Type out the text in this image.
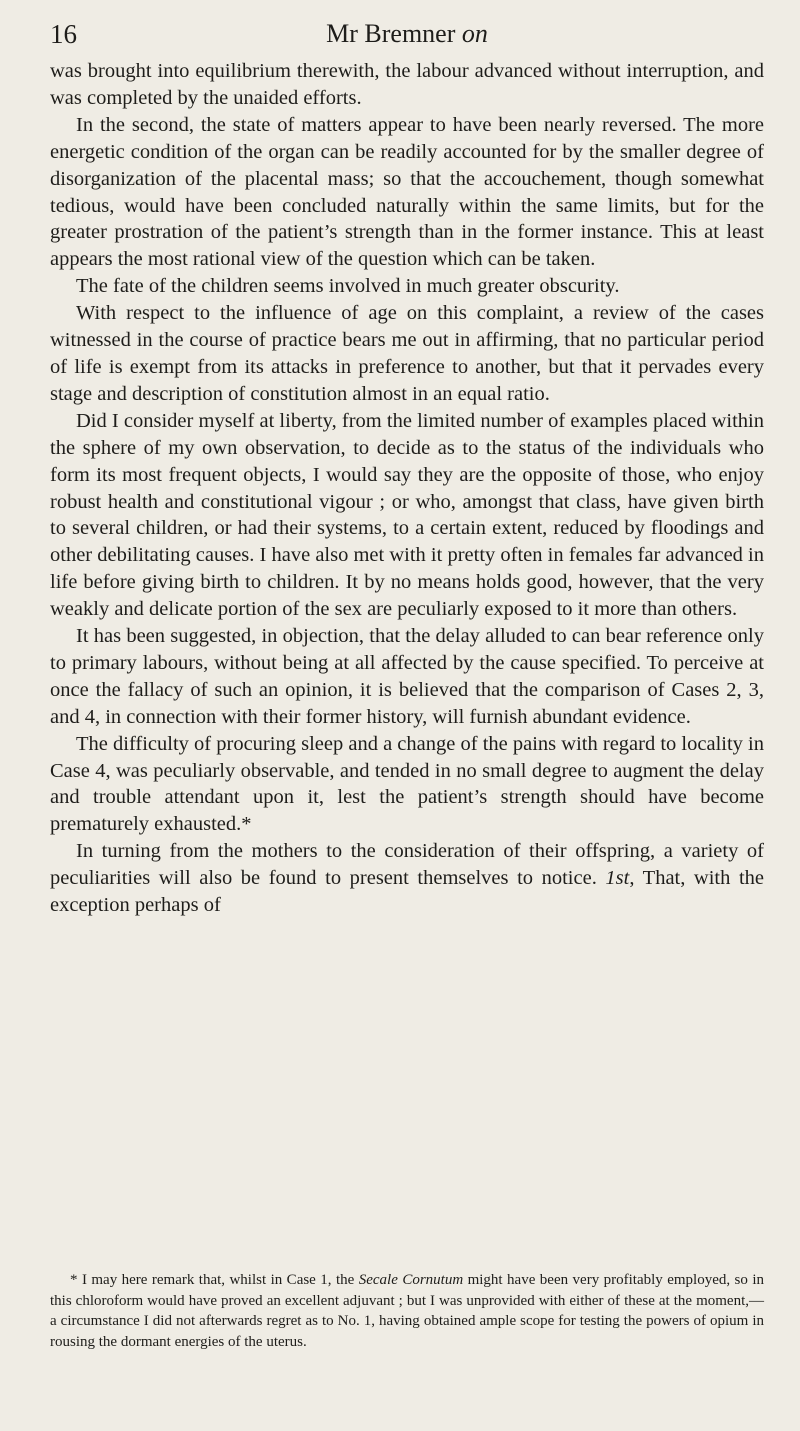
16	Mr Bremner on

was brought into equilibrium therewith, the labour advanced without interruption, and was completed by the unaided efforts.

In the second, the state of matters appear to have been nearly reversed. The more energetic condition of the organ can be readily accounted for by the smaller degree of disorganization of the placental mass; so that the accouchement, though somewhat tedious, would have been concluded naturally within the same limits, but for the greater prostration of the patient’s strength than in the former instance. This at least appears the most rational view of the question which can be taken.

The fate of the children seems involved in much greater obscurity.

With respect to the influence of age on this complaint, a review of the cases witnessed in the course of practice bears me out in affirming, that no particular period of life is exempt from its attacks in preference to another, but that it pervades every stage and description of constitution almost in an equal ratio.

Did I consider myself at liberty, from the limited number of examples placed within the sphere of my own observation, to decide as to the status of the individuals who form its most frequent objects, I would say they are the opposite of those, who enjoy robust health and constitutional vigour ; or who, amongst that class, have given birth to several children, or had their systems, to a certain extent, reduced by floodings and other debilitating causes. I have also met with it pretty often in females far advanced in life before giving birth to children. It by no means holds good, however, that the very weakly and delicate portion of the sex are peculiarly exposed to it more than others.

It has been suggested, in objection, that the delay alluded to can bear reference only to primary labours, without being at all affected by the cause specified. To perceive at once the fallacy of such an opinion, it is believed that the comparison of Cases 2, 3, and 4, in connection with their former history, will furnish abundant evidence.

The difficulty of procuring sleep and a change of the pains with regard to locality in Case 4, was peculiarly observable, and tended in no small degree to augment the delay and trouble attendant upon it, lest the patient’s strength should have become prematurely exhausted.*

In turning from the mothers to the consideration of their offspring, a variety of peculiarities will also be found to present themselves to notice. 1st, That, with the exception perhaps of

* I may here remark that, whilst in Case 1, the Secale Cornutum might have been very profitably employed, so in this chloroform would have proved an excellent adjuvant ; but I was unprovided with either of these at the moment,—a circumstance I did not afterwards regret as to No. 1, having obtained ample scope for testing the powers of opium in rousing the dormant energies of the uterus.
